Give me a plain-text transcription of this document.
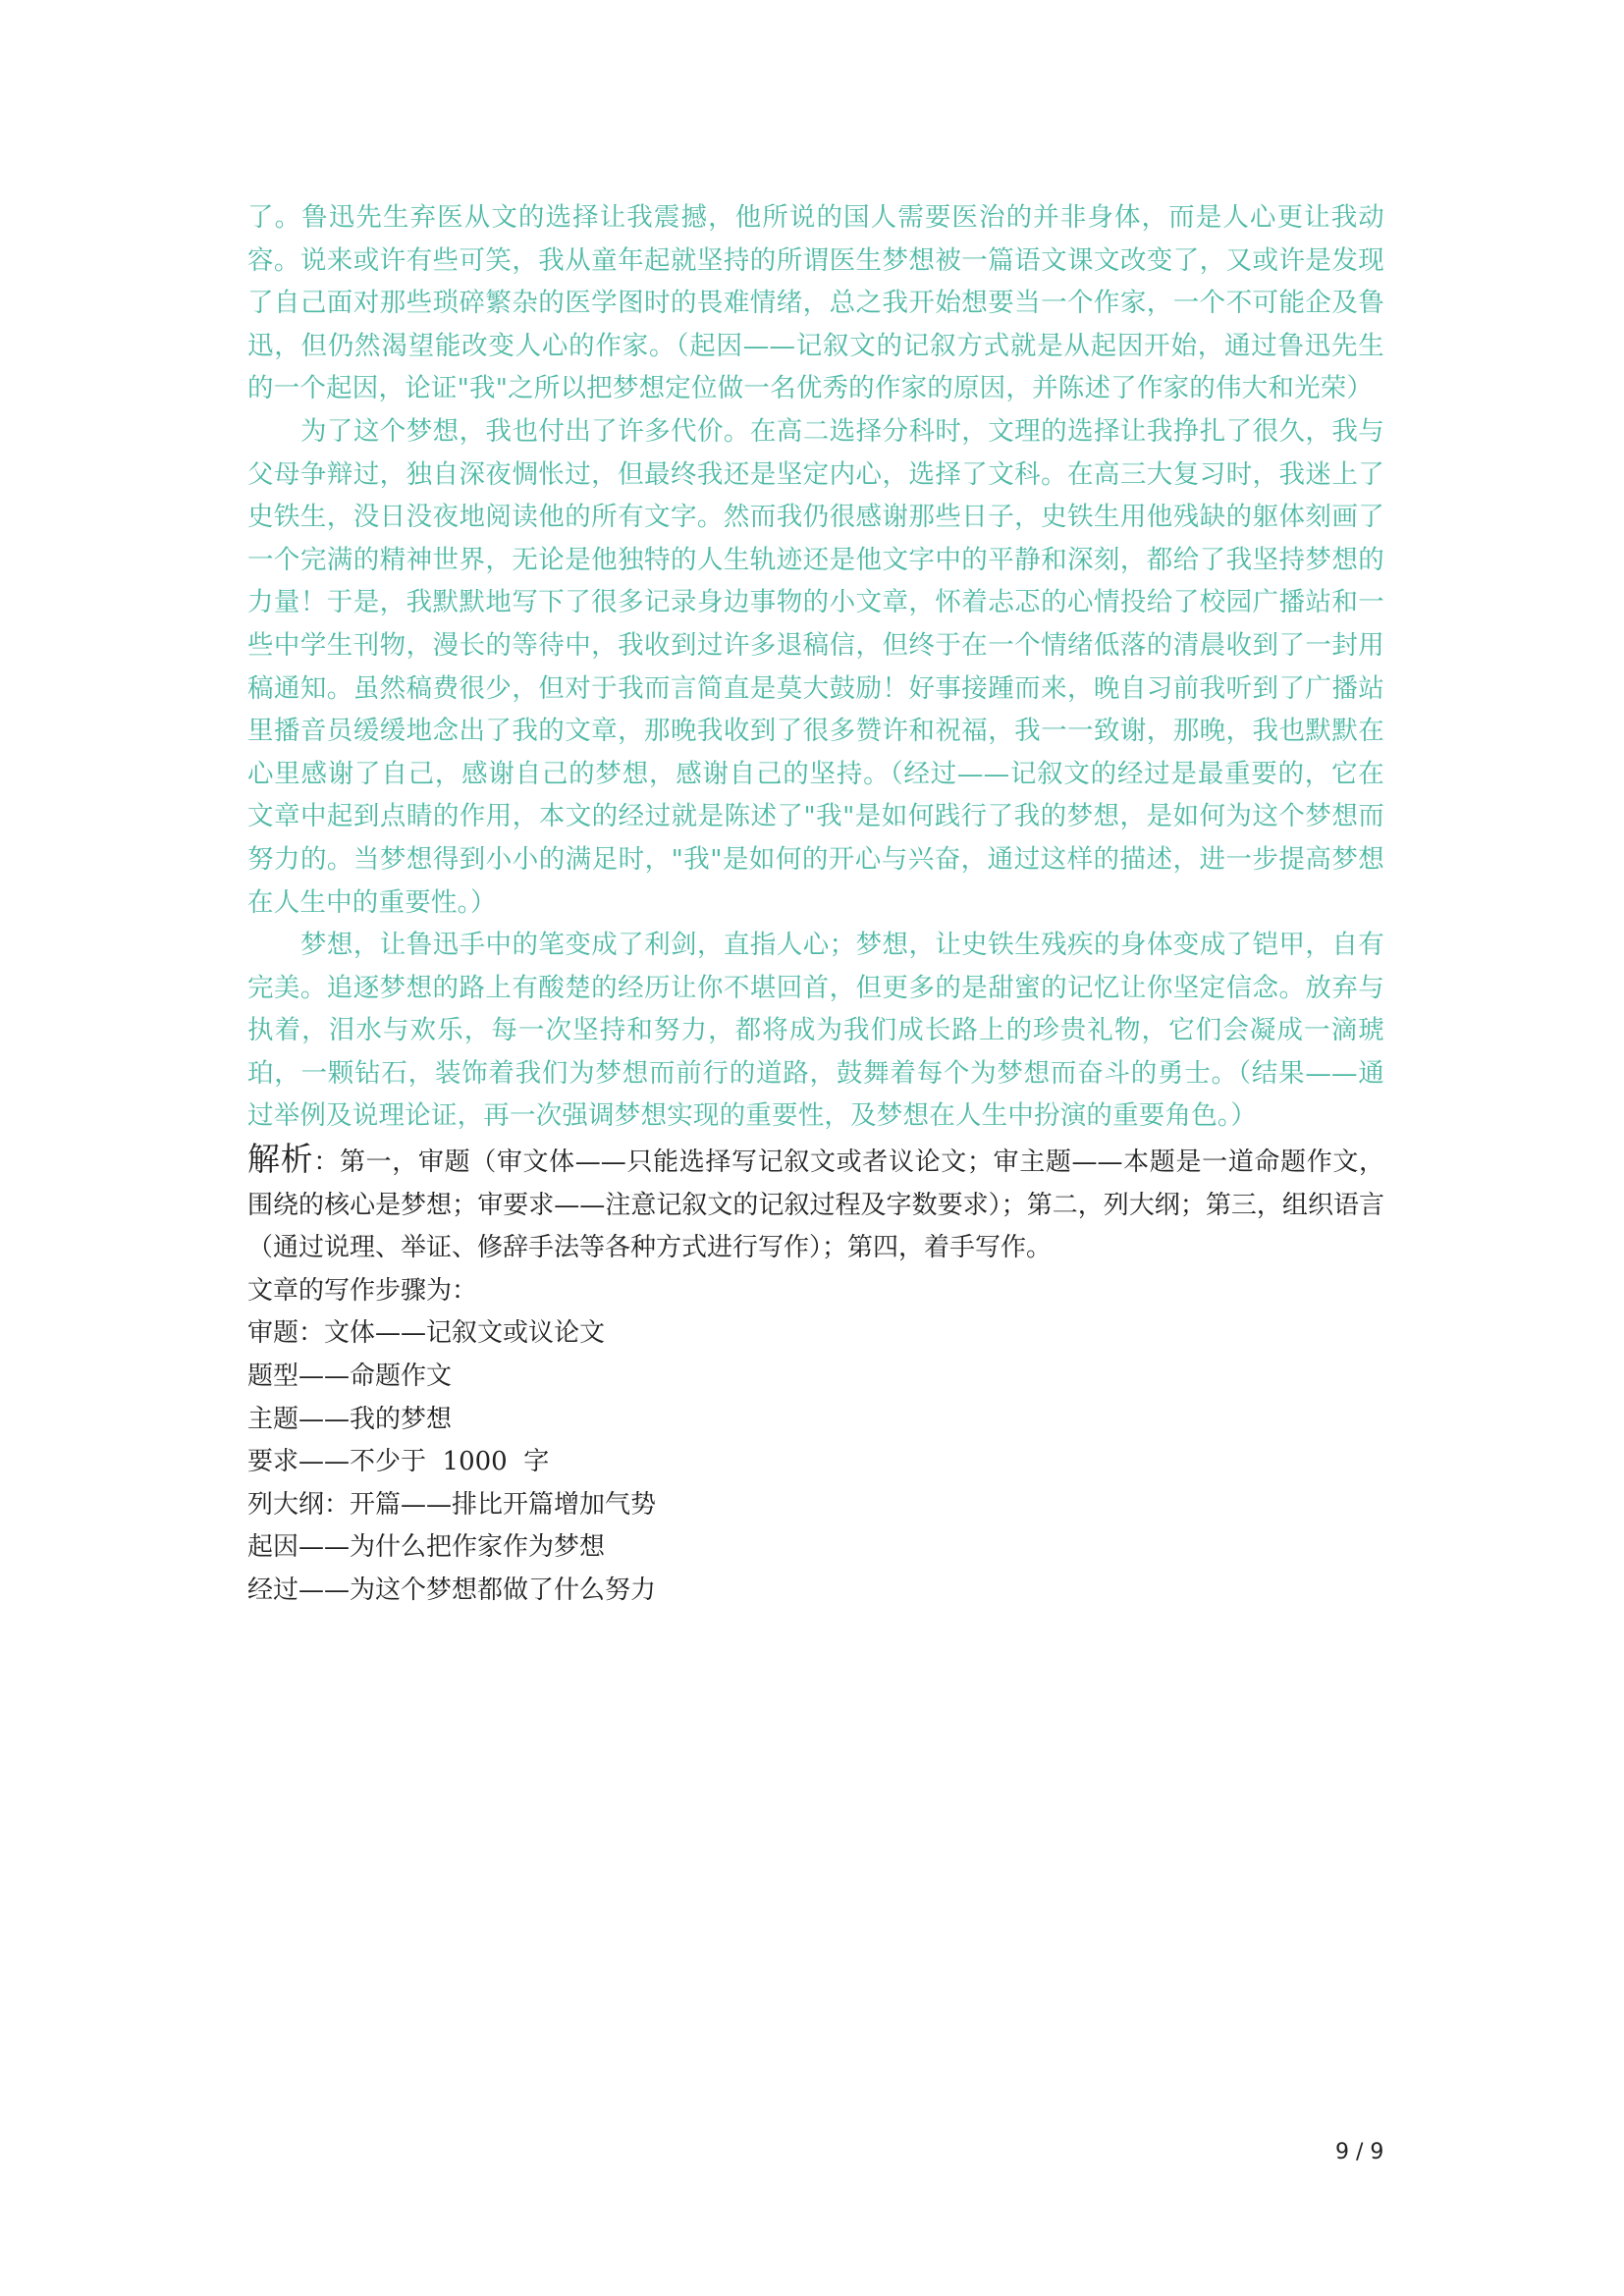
了。鲁迅先生弃医从文的选择让我震撼，他所说的国人需要医治的并非身体，而是人心更让我动容。说来或许有些可笑，我从童年起就坚持的所谓医生梦想被一篇语文课文改变了，又或许是发现了自己面对那些琐碎繁杂的医学图时的畏难情绪，总之我开始想要当一个作家，一个不可能企及鲁迅，但仍然渴望能改变人心的作家。（起因——记叙文的记叙方式就是从起因开始，通过鲁迅先生的一个起因，论证"我"之所以把梦想定位做一名优秀的作家的原因，并陈述了作家的伟大和光荣）

为了这个梦想，我也付出了许多代价。在高二选择分科时，文理的选择让我挣扎了很久，我与父母争辩过，独自深夜惆怅过，但最终我还是坚定内心，选择了文科。在高三大复习时，我迷上了史铁生，没日没夜地阅读他的所有文字。然而我仍很感谢那些日子，史铁生用他残缺的躯体刻画了一个完满的精神世界，无论是他独特的人生轨迹还是他文字中的平静和深刻，都给了我坚持梦想的力量！于是，我默默地写下了很多记录身边事物的小文章，怀着忐忑的心情投给了校园广播站和一些中学生刊物，漫长的等待中，我收到过许多退稿信，但终于在一个情绪低落的清晨收到了一封用稿通知。虽然稿费很少，但对于我而言简直是莫大鼓励！好事接踵而来，晚自习前我听到了广播站里播音员缓缓地念出了我的文章，那晚我收到了很多赞许和祝福，我一一致谢，那晚，我也默默在心里感谢了自己，感谢自己的梦想，感谢自己的坚持。（经过——记叙文的经过是最重要的，它在文章中起到点睛的作用，本文的经过就是陈述了"我"是如何践行了我的梦想，是如何为这个梦想而努力的。当梦想得到小小的满足时，"我"是如何的开心与兴奋，通过这样的描述，进一步提高梦想在人生中的重要性。）

梦想，让鲁迅手中的笔变成了利剑，直指人心；梦想，让史铁生残疾的身体变成了铠甲，自有完美。追逐梦想的路上有酸楚的经历让你不堪回首，但更多的是甜蜜的记忆让你坚定信念。放弃与执着，泪水与欢乐，每一次坚持和努力，都将成为我们成长路上的珍贵礼物，它们会凝成一滴琥珀，一颗钻石，装饰着我们为梦想而前行的道路，鼓舞着每个为梦想而奋斗的勇士。（结果——通过举例及说理论证，再一次强调梦想实现的重要性，及梦想在人生中扮演的重要角色。）

解析：第一，审题（审文体——只能选择写记叙文或者议论文；审主题——本题是一道命题作文，围绕的核心是梦想；审要求——注意记叙文的记叙过程及字数要求）；第二，列大纲；第三，组织语言（通过说理、举证、修辞手法等各种方式进行写作）；第四，着手写作。

文章的写作步骤为：
审题：文体——记叙文或议论文
题型——命题作文
主题——我的梦想
要求——不少于  1000  字
列大纲：开篇——排比开篇增加气势
起因——为什么把作家作为梦想
经过——为这个梦想都做了什么努力
9 / 9
